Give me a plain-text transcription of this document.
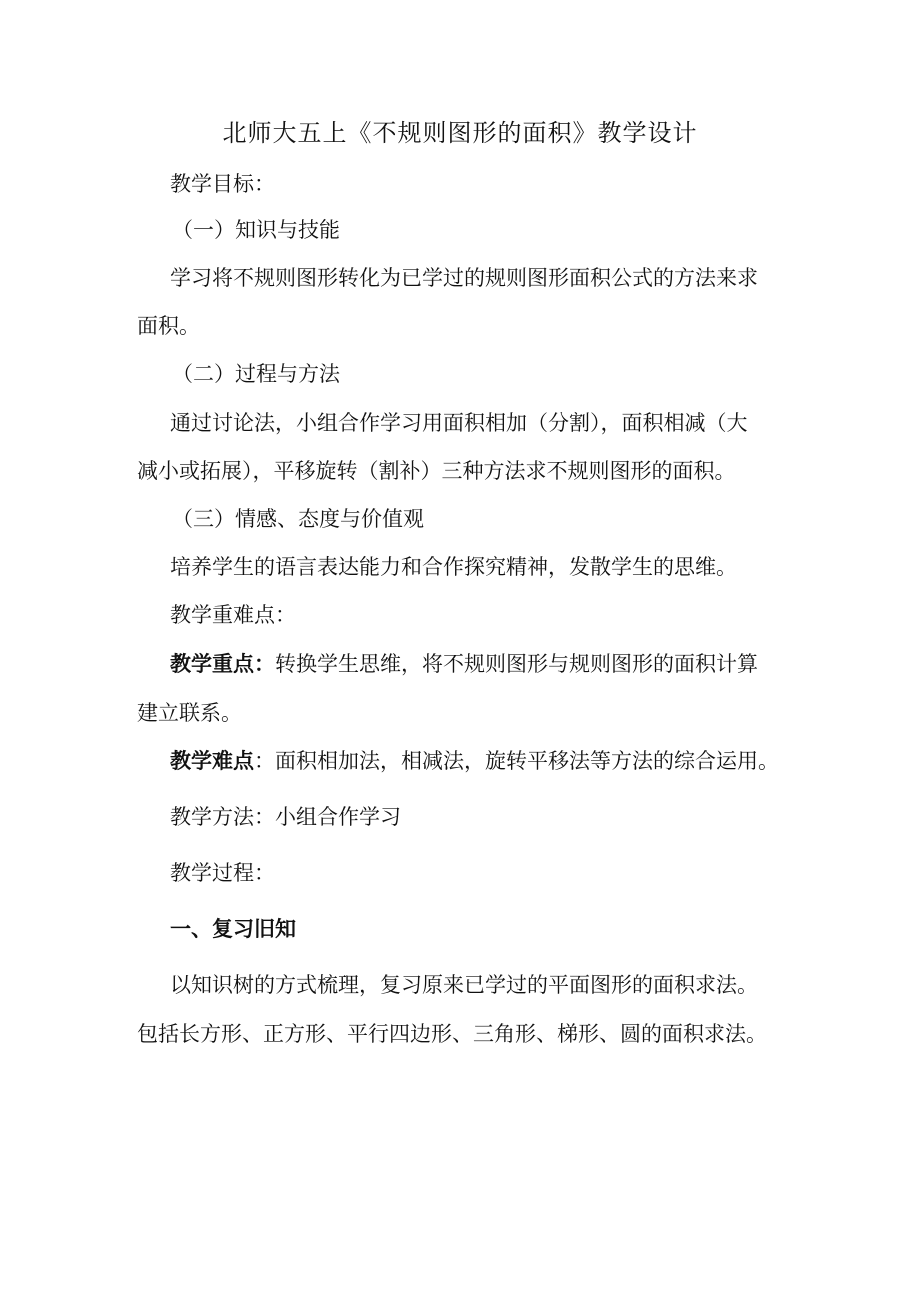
北师大五上《不规则图形的面积》教学设计
教学目标：
（一）知识与技能
学习将不规则图形转化为已学过的规则图形面积公式的方法来求
面积。
（二）过程与方法
通过讨论法，小组合作学习用面积相加（分割），面积相减（大
减小或拓展），平移旋转（割补）三种方法求不规则图形的面积。
（三）情感、态度与价值观
培养学生的语言表达能力和合作探究精神，发散学生的思维。
教学重难点：
教学重点：转换学生思维，将不规则图形与规则图形的面积计算
建立联系。
教学难点：面积相加法，相减法，旋转平移法等方法的综合运用。
教学方法：小组合作学习
教学过程：
一、复习旧知
以知识树的方式梳理，复习原来已学过的平面图形的面积求法。
包括长方形、正方形、平行四边形、三角形、梯形、圆的面积求法。
